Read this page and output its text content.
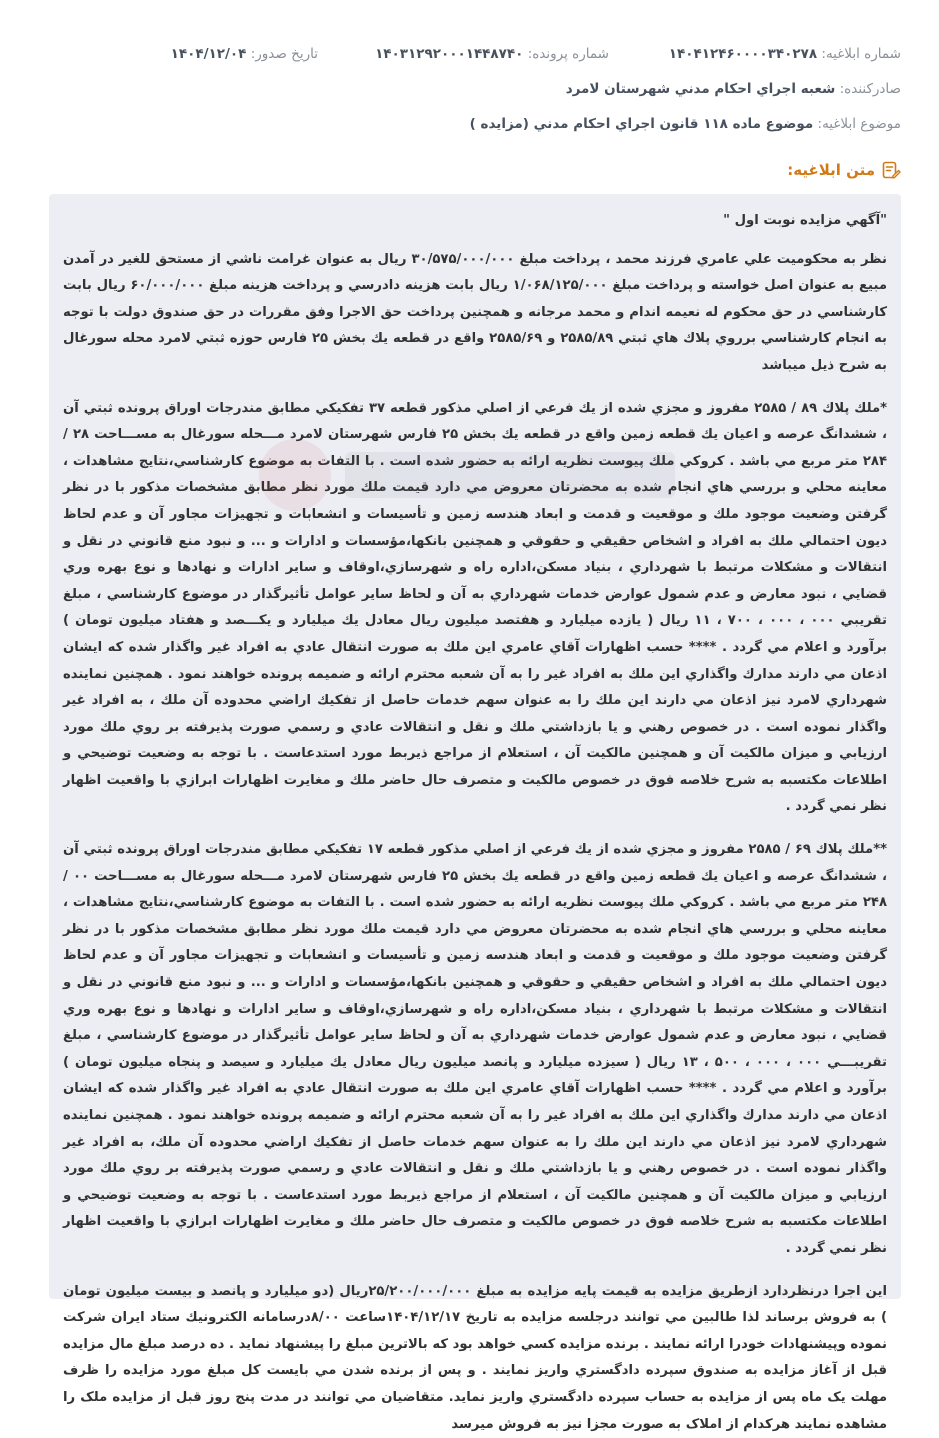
شماره ابلاغيه: ۱۴۰۴۱۲۴۶۰۰۰۰۳۴۰۲۷۸
شماره پرونده: ۱۴۰۳۱۲۹۲۰۰۰۱۴۴۸۷۴۰
تاريخ صدور: ۱۴۰۴/۱۲/۰۴
صادرکننده: شعبه اجراي احكام مدني شهرستان لامرد
موضوع ابلاغيه: موضوع ماده ۱۱۸ قانون اجراي احكام مدني (مزايده )
متن ابلاغيه:

"آگهي مزايده نوبت اول "

نظر به محكوميت علي عامري فرزند محمد ، پرداخت مبلغ ۳۰/۵۷۵/۰۰۰/۰۰۰ ريال به عنوان غرامت ناشي از مستحق للغير در آمدن مبيع به عنوان اصل خواسته و پرداخت مبلغ ۱/۰۶۸/۱۲۵/۰۰۰ ريال بابت هزينه دادرسي و پرداخت هزينه مبلغ ۶۰/۰۰۰/۰۰۰ ريال بابت كارشناسي در حق محكوم له نعيمه اندام و محمد مرجانه و همچنين پرداخت حق الاجرا وفق مقررات در حق صندوق دولت با توجه به انجام كارشناسي برروي پلاك هاي ثبتي ۲۵۸۵/۸۹ و ۲۵۸۵/۶۹ واقع در قطعه يك بخش ۲۵ فارس حوزه ثبتي لامرد محله سورغال به شرح ذيل ميباشد

*ملك پلاك ۸۹ / ۲۵۸۵ مفروز و مجزي شده از يك فرعي از اصلي مذكور قطعه ۳۷ تفكيكي مطابق مندرجات اوراق پرونده ثبتي آن ، ششدانگ عرصه و اعيان يك قطعه زمين واقع در قطعه يك بخش ۲۵ فارس شهرستان لامرد مـــحله سورغال به مســـاحت ۲۸ / ۲۸۴ متر مربع مي باشد . كروكي ملك پيوست نظريه ارائه به حضور شده است . با التفات به موضوع كارشناسي،نتايج مشاهدات ، معاينه محلي و بررسي هاي انجام شده به محضرتان معروض مي دارد قيمت ملك مورد نظر مطابق مشخصات مذكور با در نظر گرفتن وضعيت موجود ملك و موقعيت و قدمت و ابعاد هندسه زمين و تأسيسات و انشعابات و تجهيزات مجاور آن و عدم لحاظ ديون احتمالي ملك به افراد و اشخاص حقيقي و حقوقي و همچنين بانكها،مؤسسات و ادارات و ... و نبود منع قانوني در نقل و انتقالات و مشكلات مرتبط با شهرداري ، بنياد مسكن،اداره راه و شهرسازي،اوقاف و ساير ادارات و نهادها و نوع بهره وري قضايي ، نبود معارض و عدم شمول عوارض خدمات شهرداري به آن و لحاظ ساير عوامل تأثيرگذار در موضوع كارشناسي ، مبلغ تقريبي ۰۰۰ ، ۰۰۰ ، ۷۰۰ ، ۱۱ ريال ( يازده ميليارد و هفتصد ميليون ريال معادل يك ميليارد و يكـــصد و هفتاد ميليون تومان ) برآورد و اعلام مي گردد . **** حسب اظهارات آقاي عامري اين ملك به صورت انتقال عادي به افراد غير واگذار شده كه ايشان اذعان مي دارند مدارك واگذاري اين ملك به افراد غير را به آن شعبه محترم ارائه و ضميمه پرونده خواهند نمود . همچنين نماينده شهرداري لامرد نيز اذعان مي دارند اين ملك را به عنوان سهم خدمات حاصل از تفكيك اراضي محدوده آن ملك ، به افراد غير واگذار نموده است . در خصوص رهني و يا بازداشتي ملك و نقل و انتقالات عادي و رسمي صورت پذيرفته بر روي ملك مورد ارزيابي و ميزان مالكيت آن و همچنين مالكيت آن ، استعلام از مراجع ذيربط مورد استدعاست . با توجه به وضعيت توضيحي و اطلاعات مكتسبه به شرح خلاصه فوق در خصوص مالكيت و متصرف حال حاضر ملك و مغايرت اظهارات ابرازي با واقعيت اظهار نظر نمي گردد .

**ملك پلاك ۶۹ / ۲۵۸۵ مفروز و مجزي شده از يك فرعي از اصلي مذكور قطعه ۱۷ تفكيكي مطابق مندرجات اوراق پرونده ثبتي آن ، ششدانگ عرصه و اعيان يك قطعه زمين واقع در قطعه يك بخش ۲۵ فارس شهرستان لامرد مـــحله سورغال به مســـاحت ۰۰ / ۲۴۸ متر مربع مي باشد . كروكي ملك پيوست نظريه ارائه به حضور شده است . با التفات به موضوع كارشناسي،نتايج مشاهدات ، معاينه محلي و بررسي هاي انجام شده به محضرتان معروض مي دارد قيمت ملك مورد نظر مطابق مشخصات مذكور با در نظر گرفتن وضعيت موجود ملك و موقعيت و قدمت و ابعاد هندسه زمين و تأسيسات و انشعابات و تجهيزات مجاور آن و عدم لحاظ ديون احتمالي ملك به افراد و اشخاص حقيقي و حقوقي و همچنين بانكها،مؤسسات و ادارات و ... و نبود منع قانوني در نقل و انتقالات و مشكلات مرتبط با شهرداري ، بنياد مسكن،اداره راه و شهرسازي،اوقاف و ساير ادارات و نهادها و نوع بهره وري قضايي ، نبود معارض و عدم شمول عوارض خدمات شهرداري به آن و لحاظ ساير عوامل تأثيرگذار در موضوع كارشناسي ، مبلغ تقريبـــي ۰۰۰ ، ۰۰۰ ، ۵۰۰ ، ۱۳ ريال ( سيزده ميليارد و پانصد ميليون ريال معادل يك ميليارد و سيصد و پنجاه ميليون تومان ) برآورد و اعلام مي گردد . **** حسب اظهارات آقاي عامري اين ملك به صورت انتقال عادي به افراد غير واگذار شده كه ايشان اذعان مي دارند مدارك واگذاري اين ملك به افراد غير را به آن شعبه محترم ارائه و ضميمه پرونده خواهند نمود . همچنين نماينده شهرداري لامرد نيز اذعان مي دارند اين ملك را به عنوان سهم خدمات حاصل از تفكيك اراضي محدوده آن ملك، به افراد غير واگذار نموده است . در خصوص رهني و يا بازداشتي ملك و نقل و انتقالات عادي و رسمي صورت پذيرفته بر روي ملك مورد ارزيابي و ميزان مالكيت آن و همچنين مالكيت آن ، استعلام از مراجع ذيربط مورد استدعاست . با توجه به وضعيت توضيحي و اطلاعات مكتسبه به شرح خلاصه فوق در خصوص مالكيت و متصرف حال حاضر ملك و مغايرت اظهارات ابرازي با واقعيت اظهار نظر نمي گردد .

اين اجرا درنظردارد ازطريق مزايده به قيمت پايه مزايده به مبلغ ۲۵/۲۰۰/۰۰۰/۰۰۰ريال (دو ميليارد و پانصد و بيست ميليون تومان ) به فروش برساند لذا طالبين مي توانند درجلسه مزايده به تاريخ ۱۴۰۴/۱۲/۱۷ساعت ۸/۰۰درسامانه الكترونيك ستاد ايران شركت نموده وپيشنهادات خودرا ارائه نمايند . برنده مزايده كسي خواهد بود كه بالاترين مبلغ را پيشنهاد نمايد . ده درصد مبلغ مال مزايده قبل از آغاز مزايده به صندوق سپرده دادگستري واريز نمايند . و پس از برنده شدن مي بايست كل مبلغ مورد مزايده را ظرف مهلت يک ماه پس از مزايده به حساب سپرده دادگستري واريز نمايد. متقاضيان مي توانند در مدت پنج روز قبل از مزايده ملک را مشاهده نمايند هركدام از املاک به صورت مجزا نيز به فروش ميرسد
